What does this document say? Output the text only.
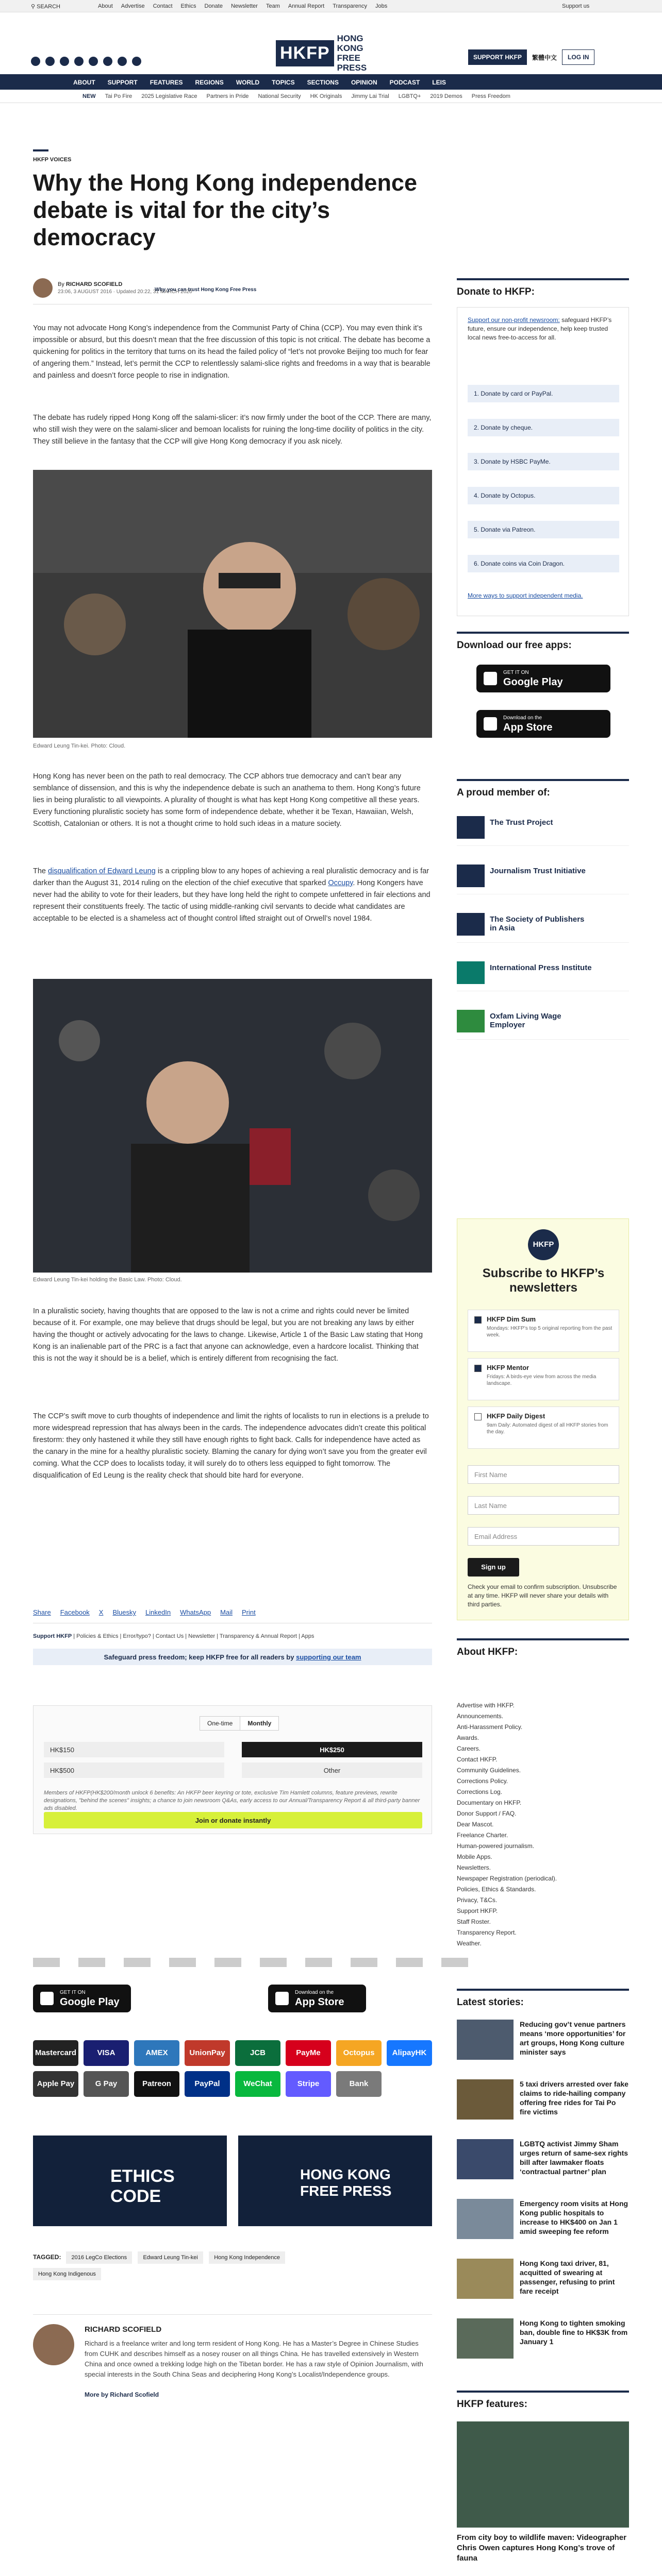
⚲ SEARCH	About Advertise Contact Ethics Donate Newsletter Team Annual Report Transparency Jobs	Support us
HKFP
HONG KONG FREE PRESS
SUPPORT HKFP	繁體中文	LOG IN
ABOUT SUPPORT FEATURES REGIONS WORLD TOPICS SECTIONS OPINION PODCAST LEIS
NEW Tai Po Fire 2025 Legislative Race Partners in Pride National Security HK Originals Jimmy Lai Trial LGBTQ+ 2019 Demos Press Freedom
HKFP VOICES
Why the Hong Kong independence debate is vital for the city’s democracy
By RICHARD SCOFIELD
23:06, 3 AUGUST 2016 · Updated 20:22, 31 MARCH 2020
Why you can trust Hong Kong Free Press

You may not advocate Hong Kong’s independence from the Communist Party of China (CCP). You may even think it’s impossible or absurd, but this doesn’t mean that the free discussion of this topic is not critical. The debate has become a quickening for politics in the territory that turns on its head the failed policy of “let’s not provoke Beijing too much for fear of angering them.” Instead, let’s permit the CCP to relentlessly salami-slice rights and freedoms in a way that is bearable and painless and doesn’t force people to rise in indignation.

The debate has rudely ripped Hong Kong off the salami-slicer: it’s now firmly under the boot of the CCP. There are many, who still wish they were on the salami-slicer and bemoan localists for ruining the long-time docility of politics in the city. They still believe in the fantasy that the CCP will give Hong Kong democracy if you ask nicely.

Edward Leung Tin-kei. Photo: Cloud.

Hong Kong has never been on the path to real democracy. The CCP abhors true democracy and can’t bear any semblance of dissension, and this is why the independence debate is such an anathema to them. Hong Kong’s future lies in being pluralistic to all viewpoints. A plurality of thought is what has kept Hong Kong competitive all these years. Every functioning pluralistic society has some form of independence debate, whether it be Texan, Hawaiian, Welsh, Scottish, Catalonian or others. It is not a thought crime to hold such ideas in a mature society.

The disqualification of Edward Leung is a crippling blow to any hopes of achieving a real pluralistic democracy and is far darker than the August 31, 2014 ruling on the election of the chief executive that sparked Occupy. Hong Kongers have never had the ability to vote for their leaders, but they have long held the right to compete unfettered in fair elections and represent their constituents freely. The tactic of using middle-ranking civil servants to decide what candidates are acceptable to be elected is a shameless act of thought control lifted straight out of Orwell’s novel 1984.

Edward Leung Tin-kei holding the Basic Law. Photo: Cloud.

In a pluralistic society, having thoughts that are opposed to the law is not a crime and rights could never be limited because of it. For example, one may believe that drugs should be legal, but you are not breaking any laws by either having the thought or actively advocating for the laws to change. Likewise, Article 1 of the Basic Law stating that Hong Kong is an inalienable part of the PRC is a fact that anyone can acknowledge, even a hardcore localist. Thinking that this is not the way it should be is a belief, which is entirely different from recognising the fact.

The CCP’s swift move to curb thoughts of independence and limit the rights of localists to run in elections is a prelude to more widespread repression that has always been in the cards. The independence advocates didn’t create this political firestorm: they only hastened it while they still have enough rights to fight back. Calls for independence have acted as the canary in the mine for a healthy pluralistic society. Blaming the canary for dying won’t save you from the greater evil coming. What the CCP does to localists today, it will surely do to others less equipped to fight tomorrow. The disqualification of Ed Leung is the reality check that should bite hard for everyone.

Share Facebook X Bluesky LinkedIn WhatsApp Mail Print
Support HKFP | Policies & Ethics | Error/typo? | Contact Us | Newsletter | Transparency & Annual Report | Apps
Safeguard press freedom; keep HKFP free for all readers by supporting our team
One-time	Monthly
HK$150	HK$250
HK$500	Other
Members of HKFP(HK$200/month unlock 6 benefits: An HKFP beer keyring or tote, exclusive Tim Hamlett columns, feature previews, rewrite designations, "behind the scenes" insights; a chance to join newsroom Q&As, early access to our Annual/Transparency Report & all third-party banner ads disabled.
Join or donate instantly
GET IT ON
Google Play
Download on the
App Store
Mastercard	VISA	AMEX	UnionPay	JCB	PayMe	Octopus	AlipayHK
Apple Pay	G Pay	Patreon	PayPal	WeChat	Stripe	Bank
ETHICS CODE
HONG KONG FREE PRESS
TAGGED: 2016 LegCo Elections	Edward Leung Tin-kei	Hong Kong Independence
Hong Kong Indigenous
RICHARD SCOFIELD
Richard is a freelance writer and long term resident of Hong Kong. He has a Master’s Degree in Chinese Studies from CUHK and describes himself as a nosey rouser on all things China. He has travelled extensively in Western China and once owned a trekking lodge high on the Tibetan border. He has a raw style of Opinion Journalism, with special interests in the South China Seas and deciphering Hong Kong’s Localist/Independence groups.
More by Richard Scofield
Donate to HKFP:
Support our non-profit newsroom: safeguard HKFP’s future, ensure our independence, help keep trusted local news free-to-access for all.
1. Donate by card or PayPal.
2. Donate by cheque.
3. Donate by HSBC PayMe.
4. Donate by Octopus.
5. Donate via Patreon.
6. Donate coins via Coin Dragon.
More ways to support independent media.
Download our free apps:
GET IT ON
Google Play
Download on the
App Store
A proud member of:
The Trust Project
Journalism Trust Initiative
The Society of Publishers in Asia
International Press Institute
Oxfam Living Wage Employer
HKFP
Subscribe to HKFP’s newsletters
HKFP Dim Sum
Mondays: HKFP’s top 5 original reporting from the past week.
HKFP Mentor
Fridays: A birds-eye view from across the media landscape.
HKFP Daily Digest
9am Daily: Automated digest of all HKFP stories from the day.
First Name
Last Name
Email Address
Sign up
Check your email to confirm subscription. Unsubscribe at any time. HKFP will never share your details with third parties.
About HKFP:
Advertise with HKFP.
Announcements.
Anti-Harassment Policy.
Awards.
Careers.
Contact HKFP.
Community Guidelines.
Corrections Policy.
Corrections Log.
Documentary on HKFP.
Donor Support / FAQ.
Dear Mascot.
Freelance Charter.
Human-powered journalism.
Mobile Apps.
Newsletters.
Newspaper Registration (periodical).
Policies, Ethics & Standards.
Privacy, T&Cs.
Support HKFP.
Staff Roster.
Transparency Report.
Weather.
Latest stories:
Reducing gov’t venue partners means ‘more opportunities’ for art groups, Hong Kong culture minister says
5 taxi drivers arrested over fake claims to ride-hailing company offering free rides for Tai Po fire victims
LGBTQ activist Jimmy Sham urges return of same-sex rights bill after lawmaker floats ‘contractual partner’ plan
Emergency room visits at Hong Kong public hospitals to increase to HK$400 on Jan 1 amid sweeping fee reform
Hong Kong taxi driver, 81, acquitted of swearing at passenger, refusing to print fare receipt
Hong Kong to tighten smoking ban, double fine to HK$3K from January 1
HKFP features:
From city boy to wildlife maven: Videographer Chris Owen captures Hong Kong’s trove of fauna
